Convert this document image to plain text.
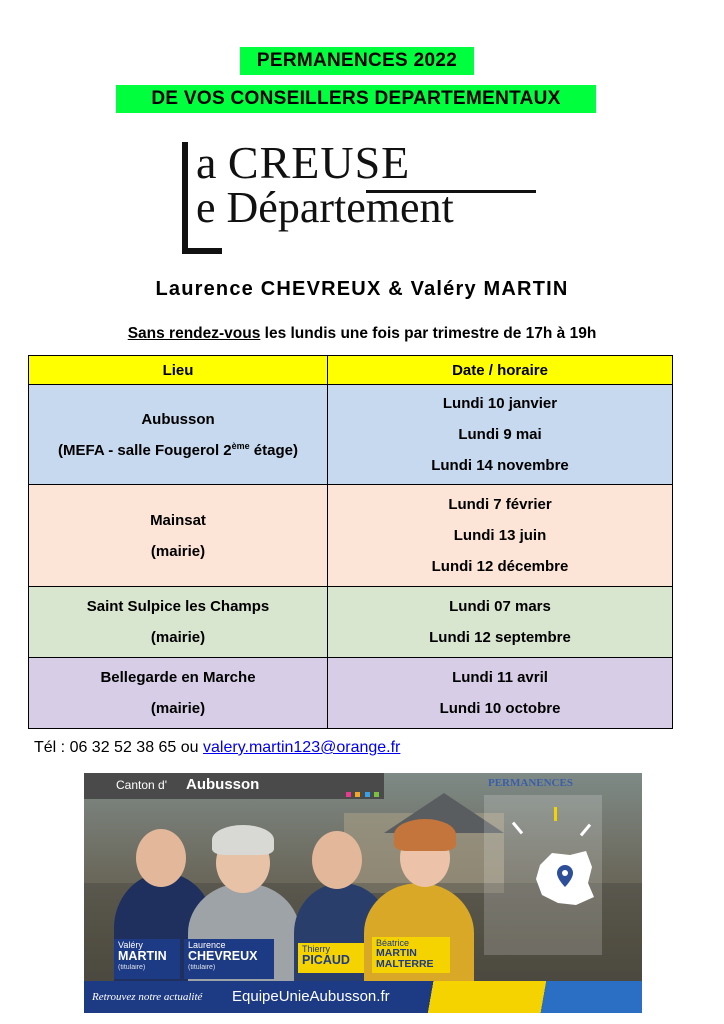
PERMANENCES 2022
DE VOS CONSEILLERS DEPARTEMENTAUX
a CREUSE
e Département
Laurence CHEVREUX & Valéry MARTIN
Sans rendez-vous les lundis une fois par trimestre de 17h à 19h
Lieu	Date / horaire

Aubusson
(MEFA - salle Fougerol 2ème étage)	Lundi 10 janvier
Lundi 9 mai
Lundi 14 novembre

Mainsat
(mairie)	Lundi 7 février
Lundi 13 juin
Lundi 12 décembre

Saint Sulpice les Champs
(mairie)	Lundi 07 mars
Lundi 12 septembre

Bellegarde en Marche
(mairie)	Lundi 11 avril
Lundi 10 octobre
Tél : 06 32 52 38 65 ou valery.martin123@orange.fr
Canton d' Aubusson
	PERMANENCES
Valéry
MARTIN
(titulaire)
Laurence
CHEVREUX
(titulaire)
Thierry
PICAUD
Béatrice
MARTIN MALTERRE
Retrouvez notre actualité EquipeUnieAubusson.fr
